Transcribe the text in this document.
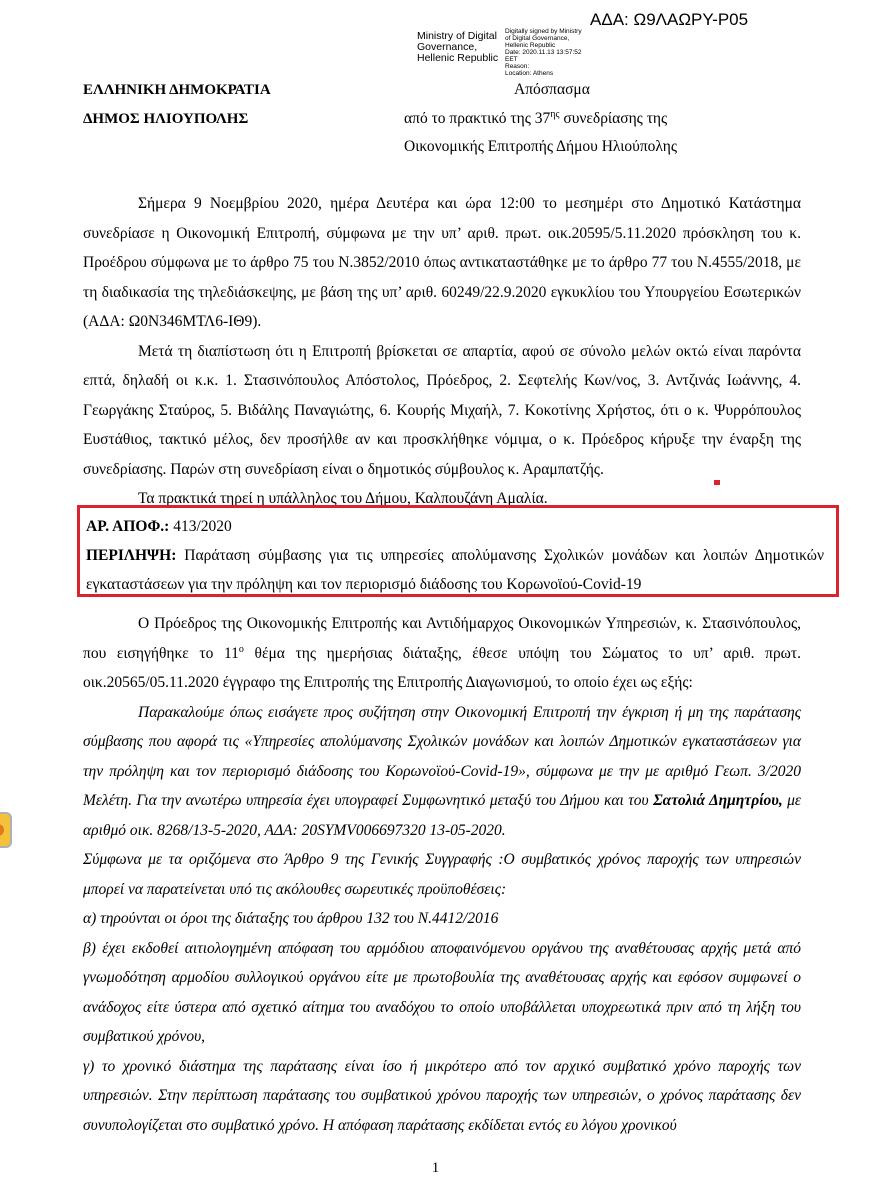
ΑΔΑ: Ω9ΛΑΩΡΥ-Ρ05
Ministry of Digital
Governance,
Hellenic Republic
Digitally signed by Ministry
of Digital Governance,
Hellenic Republic
Date: 2020.11.13 13:57:52
EET
Reason:
Location: Athens
ΕΛΛΗΝΙΚΗ ΔΗΜΟΚΡΑΤΙΑ
ΔΗΜΟΣ ΗΛΙΟΥΠΟΛΗΣ
Απόσπασμα
από το πρακτικό της $37^{\eta\varsigma}$ συνεδρίασης της
Οικονομικής Επιτροπής Δήμου Ηλιούπολης

Σήμερα 9 Νοεμβρίου 2020, ημέρα Δευτέρα και ώρα 12:00 το μεσημέρι στο Δημοτικό Κατάστημα συνεδρίασε η Οικονομική Επιτροπή, σύμφωνα με την υπ’ αριθ. πρωτ. οικ.20595/5.11.2020 πρόσκληση του κ. Προέδρου σύμφωνα με το άρθρο 75 του Ν.3852/2010 όπως αντικαταστάθηκε με το άρθρο 77 του Ν.4555/2018, με τη διαδικασία της τηλεδιάσκεψης, με βάση της υπ’ αριθ. 60249/22.9.2020 εγκυκλίου του Υπουργείου Εσωτερικών (ΑΔΑ: Ω0Ν346ΜΤΛ6-ΙΘ9).

Μετά τη διαπίστωση ότι η Επιτροπή βρίσκεται σε απαρτία, αφού σε σύνολο μελών οκτώ είναι παρόντα επτά, δηλαδή οι κ.κ. 1. Στασινόπουλος Απόστολος, Πρόεδρος, 2. Σεφτελής Κων/νος, 3. Αντζινάς Ιωάννης, 4. Γεωργάκης Σταύρος, 5. Βιδάλης Παναγιώτης, 6. Κουρής Μιχαήλ, 7. Κοκοτίνης Χρήστος, ότι ο κ. Ψυρρόπουλος Ευστάθιος, τακτικό μέλος, δεν προσήλθε αν και προσκλήθηκε νόμιμα, ο κ. Πρόεδρος κήρυξε την έναρξη της συνεδρίασης. Παρών στη συνεδρίαση είναι ο δημοτικός σύμβουλος κ. Αραμπατζής.

Τα πρακτικά τηρεί η υπάλληλος του Δήμου, Καλπουζάνη Αμαλία.

ΑΡ. ΑΠΟΦ.: 413/2020
ΠΕΡΙΛΗΨΗ: Παράταση σύμβασης για τις υπηρεσίες απολύμανσης Σχολικών μονάδων και λοιπών Δημοτικών εγκαταστάσεων για την πρόληψη και τον περιορισμό διάδοσης του Κορωνοϊού-Covid-19

Ο Πρόεδρος της Οικονομικής Επιτροπής και Αντιδήμαρχος Οικονομικών Υπηρεσιών, κ. Στασινόπουλος, που εισηγήθηκε το $11^o$ θέμα της ημερήσιας διάταξης, έθεσε υπόψη του Σώματος το υπ’ αριθ. πρωτ. οικ.20565/05.11.2020 έγγραφο της Επιτροπής της Επιτροπής Διαγωνισμού, το οποίο έχει ως εξής:

Παρακαλούμε όπως εισάγετε προς συζήτηση στην Οικονομική Επιτροπή την έγκριση ή μη της παράτασης σύμβασης που αφορά τις «Υπηρεσίες απολύμανσης Σχολικών μονάδων και λοιπών Δημοτικών εγκαταστάσεων για την πρόληψη και τον περιορισμό διάδοσης του Κορωνοϊού-Covid-19», σύμφωνα με την με αριθμό Γεωπ. 3/2020 Μελέτη. Για την ανωτέρω υπηρεσία έχει υπογραφεί Συμφωνητικό μεταξύ του Δήμου και του Σατολιά Δημητρίου, με αριθμό οικ. 8268/13-5-2020, ΑΔΑ: 20SYMV006697320 13-05-2020.

Σύμφωνα με τα οριζόμενα στο Άρθρο 9 της Γενικής Συγγραφής :Ο συμβατικός χρόνος παροχής των υπηρεσιών μπορεί να παρατείνεται υπό τις ακόλουθες σωρευτικές προϋποθέσεις:

α) τηρούνται οι όροι της διάταξης του άρθρου 132 του Ν.4412/2016

β) έχει εκδοθεί αιτιολογημένη απόφαση του αρμόδιου αποφαινόμενου οργάνου της αναθέτουσας αρχής μετά από γνωμοδότηση αρμοδίου συλλογικού οργάνου είτε με πρωτοβουλία της αναθέτουσας αρχής και εφόσον συμφωνεί ο ανάδοχος είτε ύστερα από σχετικό αίτημα του αναδόχου το οποίο υποβάλλεται υποχρεωτικά πριν από τη λήξη του συμβατικού χρόνου,

γ) το χρονικό διάστημα της παράτασης είναι ίσο ή μικρότερο από τον αρχικό συμβατικό χρόνο παροχής των υπηρεσιών. Στην περίπτωση παράτασης του συμβατικού χρόνου παροχής των υπηρεσιών, ο χρόνος παράτασης δεν συνυπολογίζεται στο συμβατικό χρόνο. Η απόφαση παράτασης εκδίδεται εντός ευ λόγου χρονικού

1
